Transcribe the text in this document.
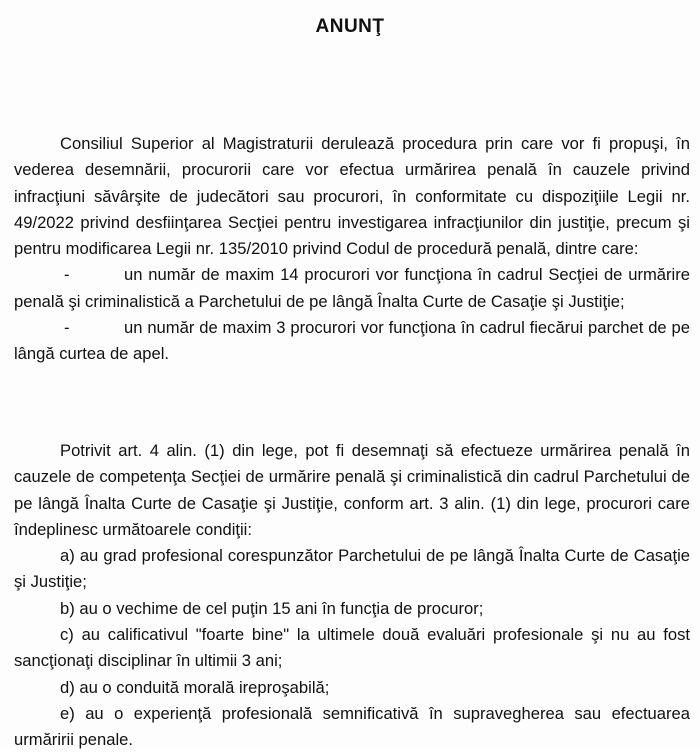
ANUNŢ

Consiliul Superior al Magistraturii derulează procedura prin care vor fi propuşi, în vederea desemnării, procurorii care vor efectua urmărirea penală în cauzele privind infracţiuni săvârşite de judecători sau procurori, în conformitate cu dispoziţiile Legii nr. 49/2022 privind desfiinţarea Secţiei pentru investigarea infracţiunilor din justiţie, precum şi pentru modificarea Legii nr. 135/2010 privind Codul de procedură penală, dintre care:

-	un număr de maxim 14 procurori vor funcţiona în cadrul Secţiei de urmărire penală şi criminalistică a Parchetului de pe lângă Înalta Curte de Casaţie şi Justiţie;

-	un număr de maxim 3 procurori vor funcţiona în cadrul fiecărui parchet de pe lângă curtea de apel.

Potrivit art. 4 alin. (1) din lege, pot fi desemnaţi să efectueze urmărirea penală în cauzele de competenţa Secţiei de urmărire penală şi criminalistică din cadrul Parchetului de pe lângă Înalta Curte de Casaţie şi Justiţie, conform art. 3 alin. (1) din lege, procurori care îndeplinesc următoarele condiţii:

a) au grad profesional corespunzător Parchetului de pe lângă Înalta Curte de Casaţie şi Justiţie;

b) au o vechime de cel puţin 15 ani în funcţia de procuror;

c) au calificativul "foarte bine" la ultimele două evaluări profesionale şi nu au fost sancţionaţi disciplinar în ultimii 3 ani;

d) au o conduită morală ireproşabilă;

e) au o experienţă profesională semnificativă în supravegherea sau efectuarea urmăririi penale.
